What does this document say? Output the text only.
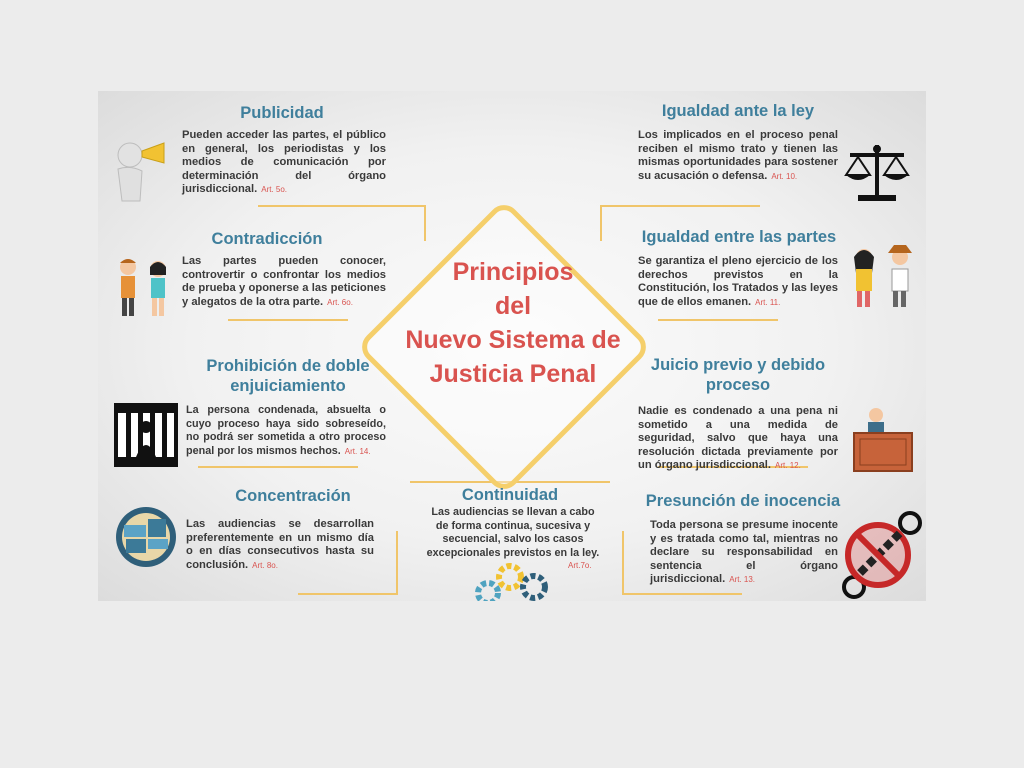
Principios
del
Nuevo Sistema de
Justicia Penal
Publicidad
Pueden acceder las partes, el público en general, los periodistas y los medios de comunicación por determinación del órgano jurisdiccional. Art. 5o.
Contradicción
Las partes pueden conocer, controvertir o confrontar los medios de prueba y oponerse a las peticiones y alegatos de la otra parte. Art. 6o.
Prohibición de doble
enjuiciamiento
La persona condenada, absuelta o cuyo proceso haya sido sobreseído, no podrá ser sometida a otro proceso penal por los mismos hechos. Art. 14.
Concentración
Las audiencias se desarrollan preferentemente en un mismo día o en días consecutivos hasta su conclusión. Art. 8o.
Continuidad
Las audiencias se llevan a cabo de forma continua, sucesiva y secuencial, salvo los casos excepcionales previstos en la ley.
Art.7o.
Igualdad ante la ley
Los implicados en el proceso penal reciben el mismo trato y tienen las mismas oportunidades para sostener su acusación o defensa. Art. 10.
Igualdad entre las partes
Se garantiza el pleno ejercicio de los derechos previstos en la Constitución, los Tratados y las leyes que de ellos emanen. Art. 11.
Juicio previo y debido
proceso
Nadie es condenado a una pena ni sometido a una medida de seguridad, salvo que haya una resolución dictada previamente por un órgano jurisdiccional. Art. 12.
Presunción de inocencia
Toda persona se presume inocente y es tratada como tal, mientras no declare su responsabilidad en sentencia el órgano jurisdiccional. Art. 13.
